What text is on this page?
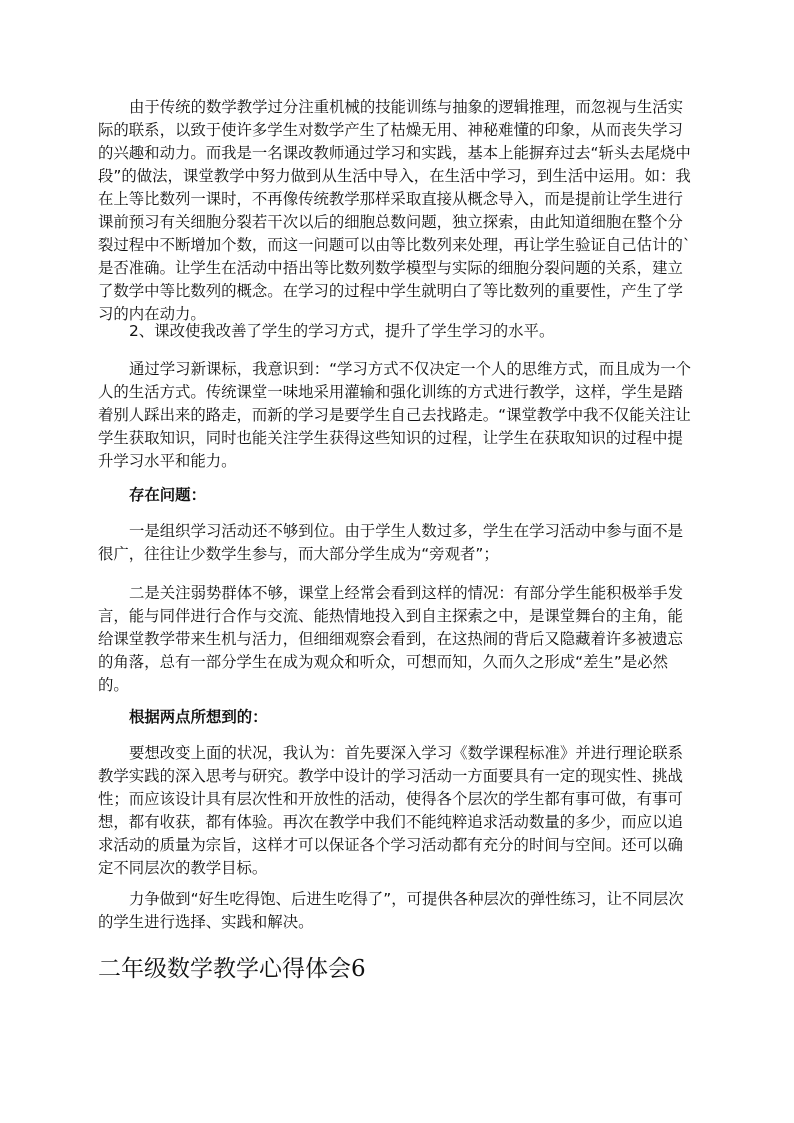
由于传统的数学教学过分注重机械的技能训练与抽象的逻辑推理，而忽视与生活实际的联系，以致于使许多学生对数学产生了枯燥无用、神秘难懂的印象，从而丧失学习的兴趣和动力。而我是一名课改教师通过学习和实践，基本上能摒弃过去“斩头去尾烧中段”的做法，课堂教学中努力做到从生活中导入，在生活中学习，到生活中运用。如：我在上等比数列一课时，不再像传统教学那样采取直接从概念导入，而是提前让学生进行课前预习有关细胞分裂若干次以后的细胞总数问题，独立探索，由此知道细胞在整个分裂过程中不断增加个数，而这一问题可以由等比数列来处理，再让学生验证自己估计的`是否准确。让学生在活动中捂出等比数列数学模型与实际的细胞分裂问题的关系，建立了数学中等比数列的概念。在学习的过程中学生就明白了等比数列的重要性，产生了学习的内在动力。

2、课改使我改善了学生的学习方式，提升了学生学习的水平。

通过学习新课标，我意识到：“学习方式不仅决定一个人的思维方式，而且成为一个人的生活方式。传统课堂一味地采用灌输和强化训练的方式进行教学，这样，学生是踏着别人踩出来的路走，而新的学习是要学生自己去找路走。“课堂教学中我不仅能关注让学生获取知识，同时也能关注学生获得这些知识的过程，让学生在获取知识的过程中提升学习水平和能力。

存在问题：

一是组织学习活动还不够到位。由于学生人数过多，学生在学习活动中参与面不是很广，往往让少数学生参与，而大部分学生成为“旁观者”；

二是关注弱势群体不够，课堂上经常会看到这样的情况：有部分学生能积极举手发言，能与同伴进行合作与交流、能热情地投入到自主探索之中，是课堂舞台的主角，能给课堂教学带来生机与活力，但细细观察会看到，在这热闹的背后又隐藏着许多被遗忘的角落，总有一部分学生在成为观众和听众，可想而知，久而久之形成“差生”是必然的。

根据两点所想到的：

要想改变上面的状况，我认为：首先要深入学习《数学课程标准》并进行理论联系教学实践的深入思考与研究。教学中设计的学习活动一方面要具有一定的现实性、挑战性；而应该设计具有层次性和开放性的活动，使得各个层次的学生都有事可做，有事可想，都有收获，都有体验。再次在教学中我们不能纯粹追求活动数量的多少，而应以追求活动的质量为宗旨，这样才可以保证各个学习活动都有充分的时间与空间。还可以确定不同层次的教学目标。

力争做到“好生吃得饱、后进生吃得了”，可提供各种层次的弹性练习，让不同层次的学生进行选择、实践和解决。

二年级数学教学心得体会6
